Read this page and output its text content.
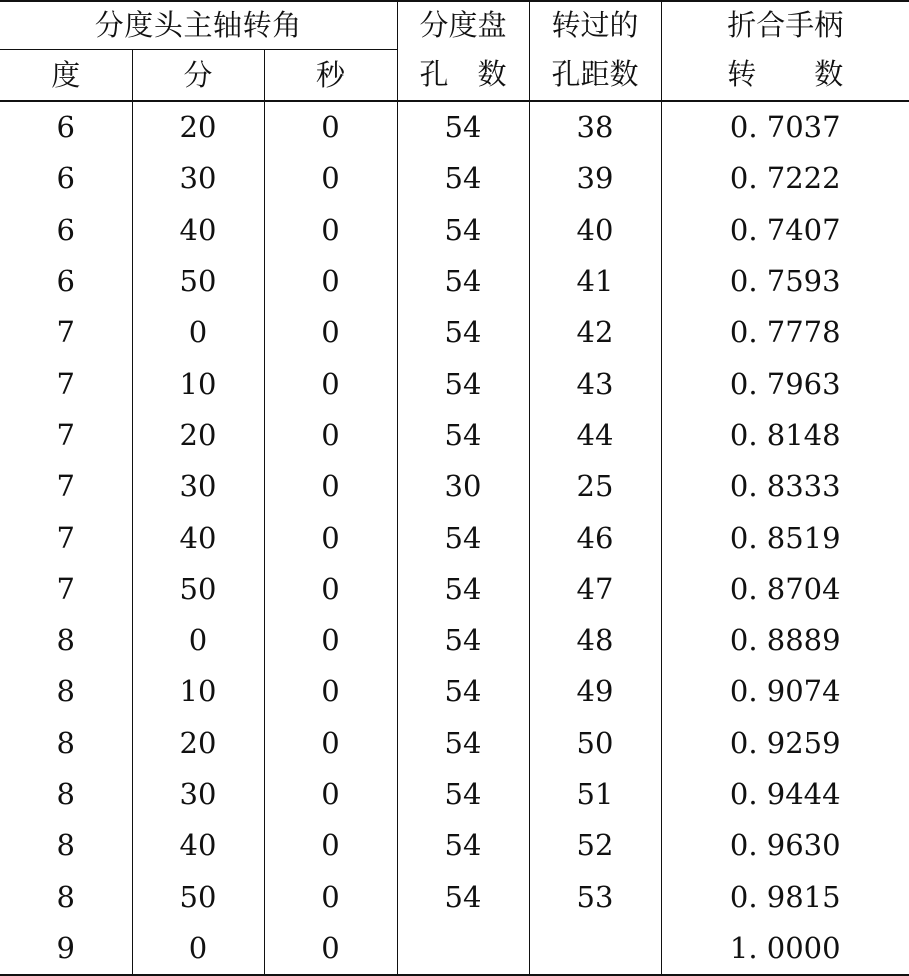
分度头主轴转角			分度盘	转过的	折合手柄
度	分	秒	孔　数	孔距数	转　　数
6	20	0	54	38	0. 7037
6	30	0	54	39	0. 7222
6	40	0	54	40	0. 7407
6	50	0	54	41	0. 7593
7	0	0	54	42	0. 7778
7	10	0	54	43	0. 7963
7	20	0	54	44	0. 8148
7	30	0	30	25	0. 8333
7	40	0	54	46	0. 8519
7	50	0	54	47	0. 8704
8	0	0	54	48	0. 8889
8	10	0	54	49	0. 9074
8	20	0	54	50	0. 9259
8	30	0	54	51	0. 9444
8	40	0	54	52	0. 9630
8	50	0	54	53	0. 9815
9	0	0			1. 0000
